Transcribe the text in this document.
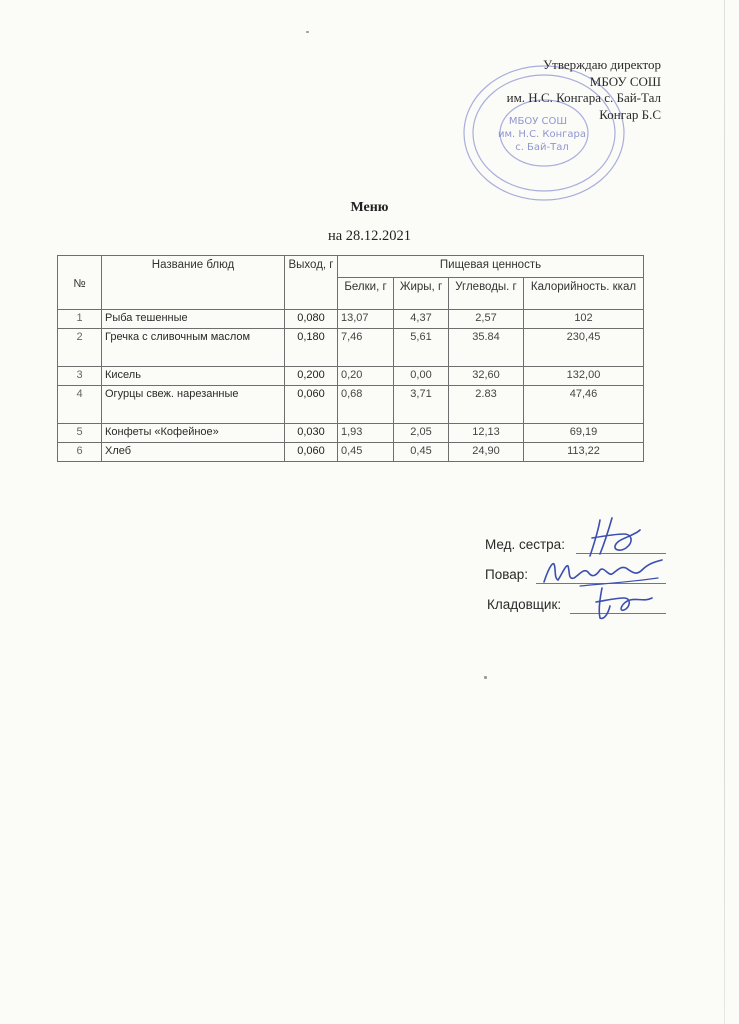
МБОУ СОШ
им. Н.С. Конгара
с. Бай-Тал
Утверждаю директор
МБОУ СОШ
им. Н.С. Конгара с. Бай-Тал
Конгар Б.С
Меню
на 28.12.2021
№	Название блюд	Выход, г	Пищевая ценность			
			Белки, г	Жиры, г	Углеводы. г	Калорийность. ккал
1	Рыба тешенные	0,080	13,07	4,37	2,57	102
2	Гречка с сливочным маслом	0,180	7,46	5,61	35.84	230,45
3	Кисель	0,200	0,20	0,00	32,60	132,00
4	Огурцы свеж. нарезанные	0,060	0,68	3,71	2.83	47,46
5	Конфеты «Кофейное»	0,030	1,93	2,05	12,13	69,19
6	Хлеб	0,060	0,45	0,45	24,90	113,22
Мед. сестра:
Повар:
Кладовщик:
